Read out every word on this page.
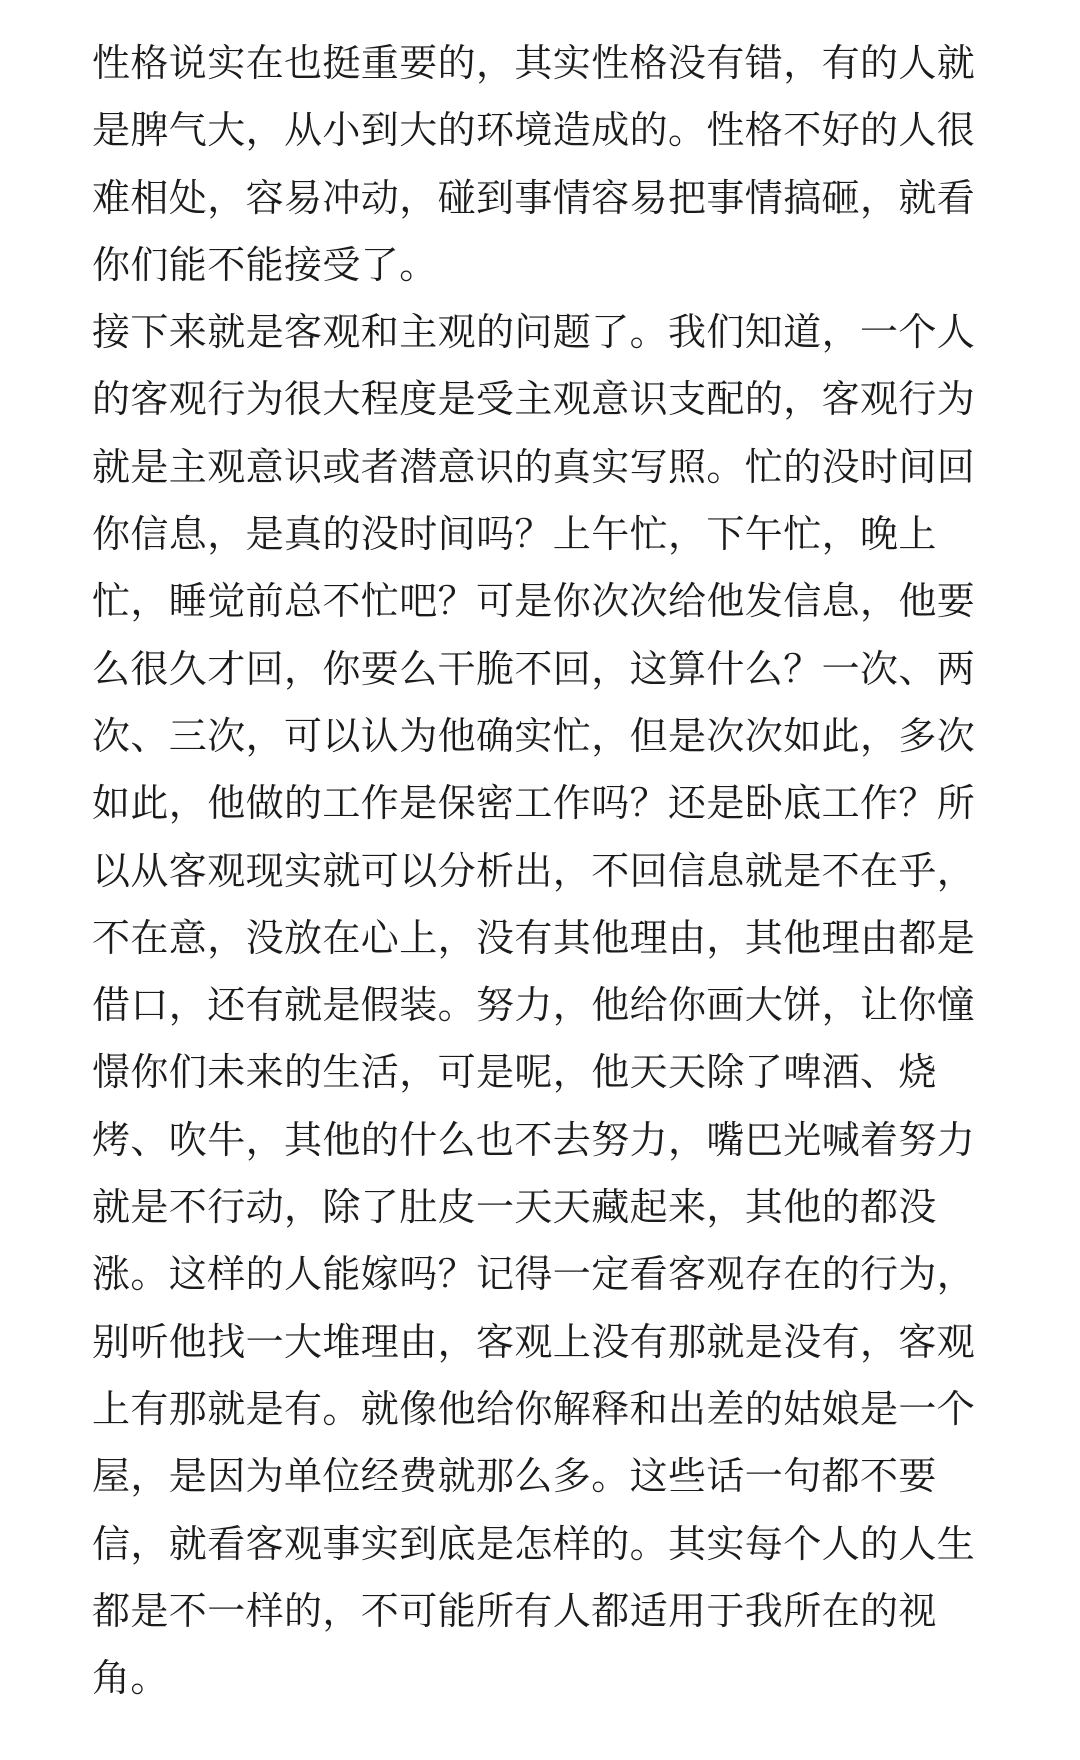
性格说实在也挺重要的，其实性格没有错，有的人就
是脾气大，从小到大的环境造成的。性格不好的人很
难相处，容易冲动，碰到事情容易把事情搞砸，就看
你们能不能接受了。
接下来就是客观和主观的问题了。我们知道，一个人
的客观行为很大程度是受主观意识支配的，客观行为
就是主观意识或者潜意识的真实写照。忙的没时间回
你信息，是真的没时间吗？上午忙，下午忙，晚上
忙，睡觉前总不忙吧？可是你次次给他发信息，他要
么很久才回，你要么干脆不回，这算什么？一次、两
次、三次，可以认为他确实忙，但是次次如此，多次
如此，他做的工作是保密工作吗？还是卧底工作？所
以从客观现实就可以分析出，不回信息就是不在乎，
不在意，没放在心上，没有其他理由，其他理由都是
借口，还有就是假装。努力，他给你画大饼，让你憧
憬你们未来的生活，可是呢，他天天除了啤酒、烧
烤、吹牛，其他的什么也不去努力，嘴巴光喊着努力
就是不行动，除了肚皮一天天藏起来，其他的都没
涨。这样的人能嫁吗？记得一定看客观存在的行为，
别听他找一大堆理由，客观上没有那就是没有，客观
上有那就是有。就像他给你解释和出差的姑娘是一个
屋，是因为单位经费就那么多。这些话一句都不要
信，就看客观事实到底是怎样的。其实每个人的人生
都是不一样的，不可能所有人都适用于我所在的视
角。
